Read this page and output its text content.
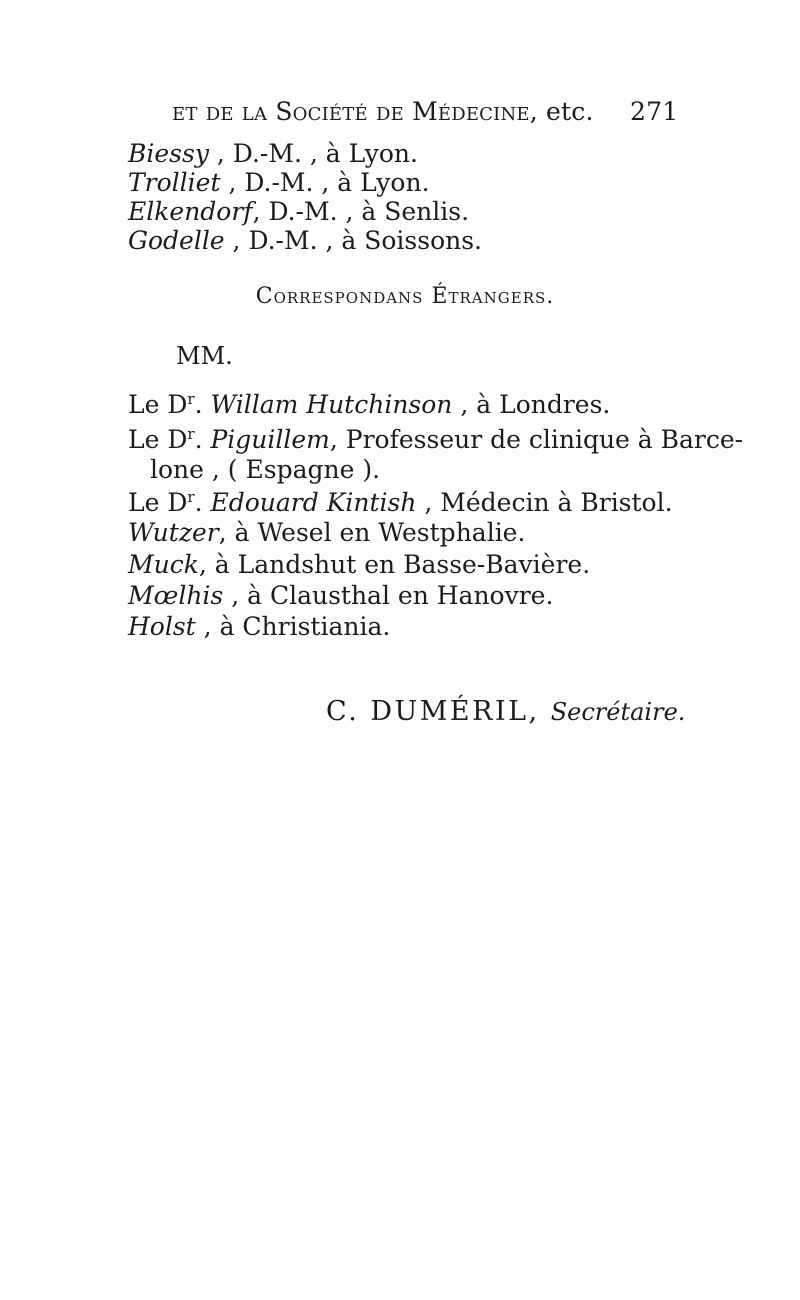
et de la Société de Médecine, etc. 271
Biessy , D.-M. , à Lyon.
Trolliet , D.-M. , à Lyon.
Elkendorf, D.-M. , à Senlis.
Godelle , D.-M. , à Soissons.
Correspondans Étrangers.
MM.
Le $D^r$. Willam Hutchinson , à Londres.
Le $D^r$. Piguillem, Professeur de clinique à Barce-
lone , ( Espagne ).
Le $D^r$. Edouard Kintish , Médecin à Bristol.
Wutzer, à Wesel en Westphalie.
Muck, à Landshut en Basse-Bavière.
Mœlhis , à Clausthal en Hanovre.
Holst , à Christiania.
C. DUMÉRIL, Secrétaire.
